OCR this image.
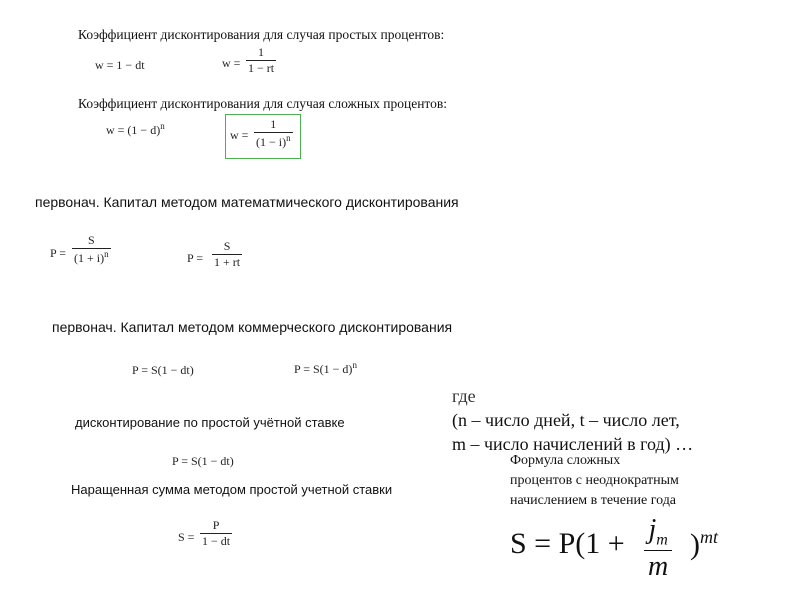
Коэффициент дисконтирования для случая простых процентов:
w = 1 − dt	$w = \frac{1}{1 - rt}$
Коэффициент дисконтирования для случая сложных процентов:
$w = (1 - d)^n$
$w = \frac{1}{(1 - i)^n}$
первонач. Капитал методом математмического дисконтирования
$P = \frac{S}{(1 + i)^n}$	$P = \frac{S}{1 + rt}$
первонач. Капитал методом коммерческого дисконтирования
P = S(1 − dt)	$P = S(1 - d)^n$
дисконтирование по простой учётной ставке
P = S(1 − dt)
Наращенная сумма методом простой учетной ставки
$S = \frac{P}{1 - dt}$
где
(n – число дней, t – число лет,
m – число начислений в год) …
Формула сложных
процентов с неоднократным
начислением в течение года
$S = P(1 + \frac{j_m}{m} )^{mt}$
